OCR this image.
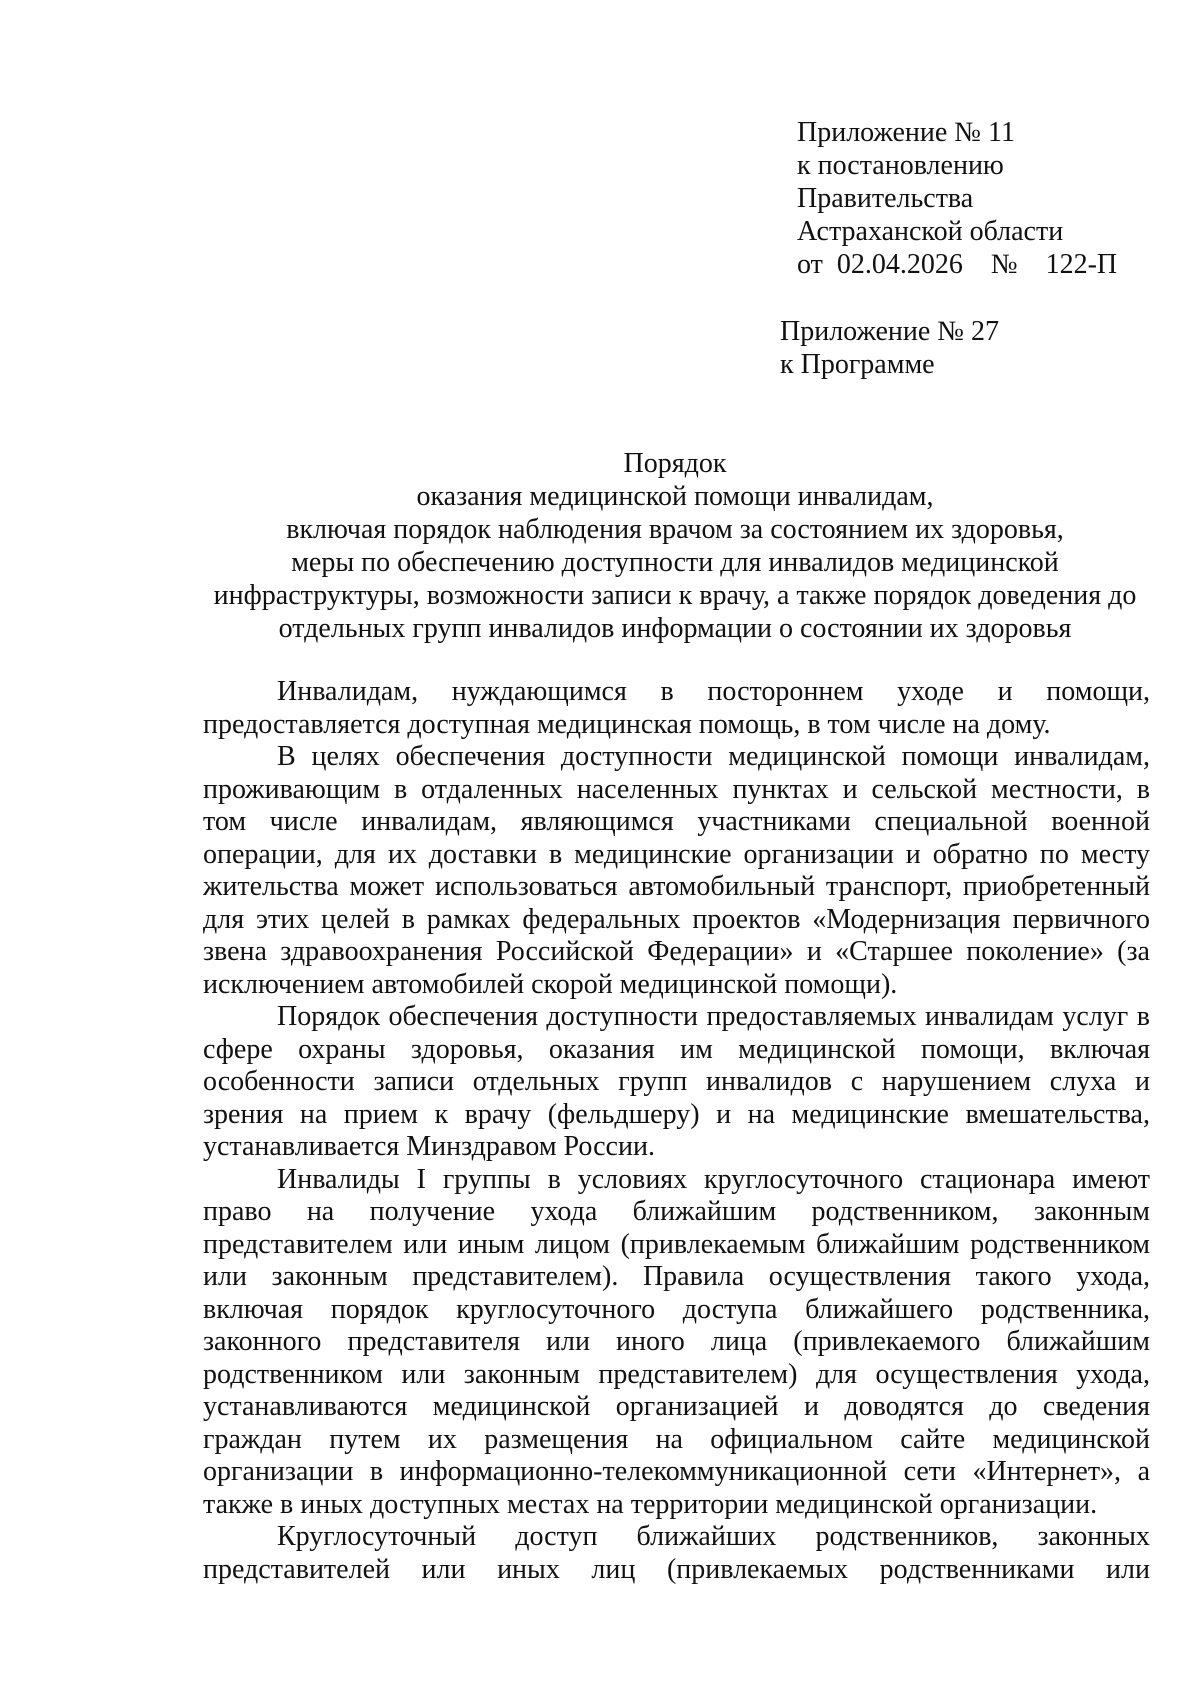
Приложение № 11
к постановлению
Правительства
Астраханской области
от  02.04.2026    №    122-П
Приложение № 27
к Программе
Порядок
оказания медицинской помощи инвалидам,
включая порядок наблюдения врачом за состоянием их здоровья,
меры по обеспечению доступности для инвалидов медицинской
инфраструктуры, возможности записи к врачу, а также порядок доведения до
отдельных групп инвалидов информации о состоянии их здоровья
Инвалидам, нуждающимся в постороннем уходе и помощи,
предоставляется доступная медицинская помощь, в том числе на дому.
В целях обеспечения доступности медицинской помощи инвалидам,
проживающим в отдаленных населенных пунктах и сельской местности, в
том числе инвалидам, являющимся участниками специальной военной
операции, для их доставки в медицинские организации и обратно по месту
жительства может использоваться автомобильный транспорт, приобретенный
для этих целей в рамках федеральных проектов «Модернизация первичного
звена здравоохранения Российской Федерации» и «Старшее поколение» (за
исключением автомобилей скорой медицинской помощи).
Порядок обеспечения доступности предоставляемых инвалидам услуг в
сфере охраны здоровья, оказания им медицинской помощи, включая
особенности записи отдельных групп инвалидов с нарушением слуха и
зрения на прием к врачу (фельдшеру) и на медицинские вмешательства,
устанавливается Минздравом России.
Инвалиды I группы в условиях круглосуточного стационара имеют
право на получение ухода ближайшим родственником, законным
представителем или иным лицом (привлекаемым ближайшим родственником
или законным представителем). Правила осуществления такого ухода,
включая порядок круглосуточного доступа ближайшего родственника,
законного представителя или иного лица (привлекаемого ближайшим
родственником или законным представителем) для осуществления ухода,
устанавливаются медицинской организацией и доводятся до сведения
граждан путем их размещения на официальном сайте медицинской
организации в информационно-телекоммуникационной сети «Интернет», а
также в иных доступных местах на территории медицинской организации.
Круглосуточный доступ ближайших родственников, законных
представителей или иных лиц (привлекаемых родственниками или
